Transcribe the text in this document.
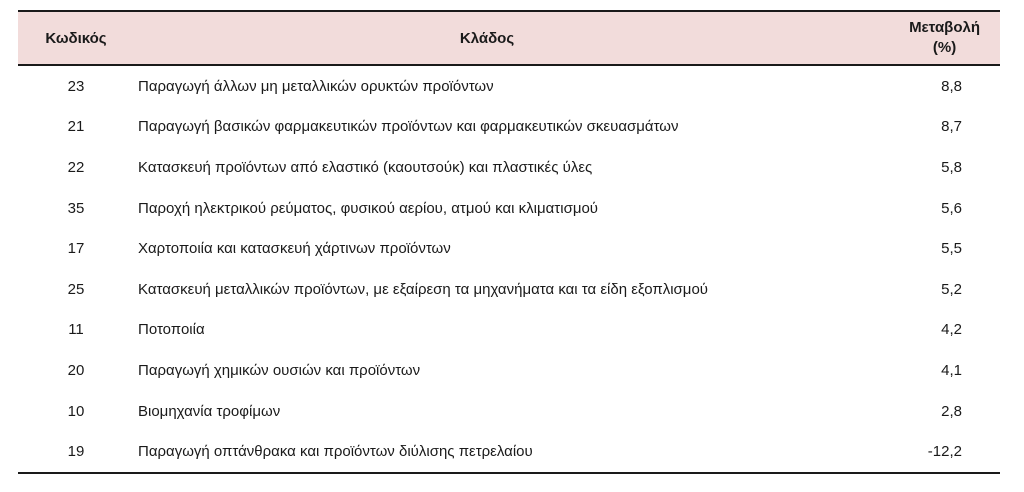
Κωδικός	Κλάδος	Μεταβολή
(%)
23	Παραγωγή άλλων μη μεταλλικών ορυκτών προϊόντων	8,8
21	Παραγωγή βασικών φαρμακευτικών προϊόντων και φαρμακευτικών σκευασμάτων	8,7
22	Κατασκευή προϊόντων από ελαστικό (καουτσούκ) και πλαστικές ύλες	5,8
35	Παροχή ηλεκτρικού ρεύματος, φυσικού αερίου, ατμού και κλιματισμού	5,6
17	Χαρτοποιία και κατασκευή χάρτινων προϊόντων	5,5
25	Κατασκευή μεταλλικών προϊόντων, με εξαίρεση τα μηχανήματα και τα είδη εξοπλισμού	5,2
11	Ποτοποιία	4,2
20	Παραγωγή χημικών ουσιών και προϊόντων	4,1
10	Βιομηχανία τροφίμων	2,8
19	Παραγωγή οπτάνθρακα και προϊόντων διύλισης πετρελαίου	-12,2
